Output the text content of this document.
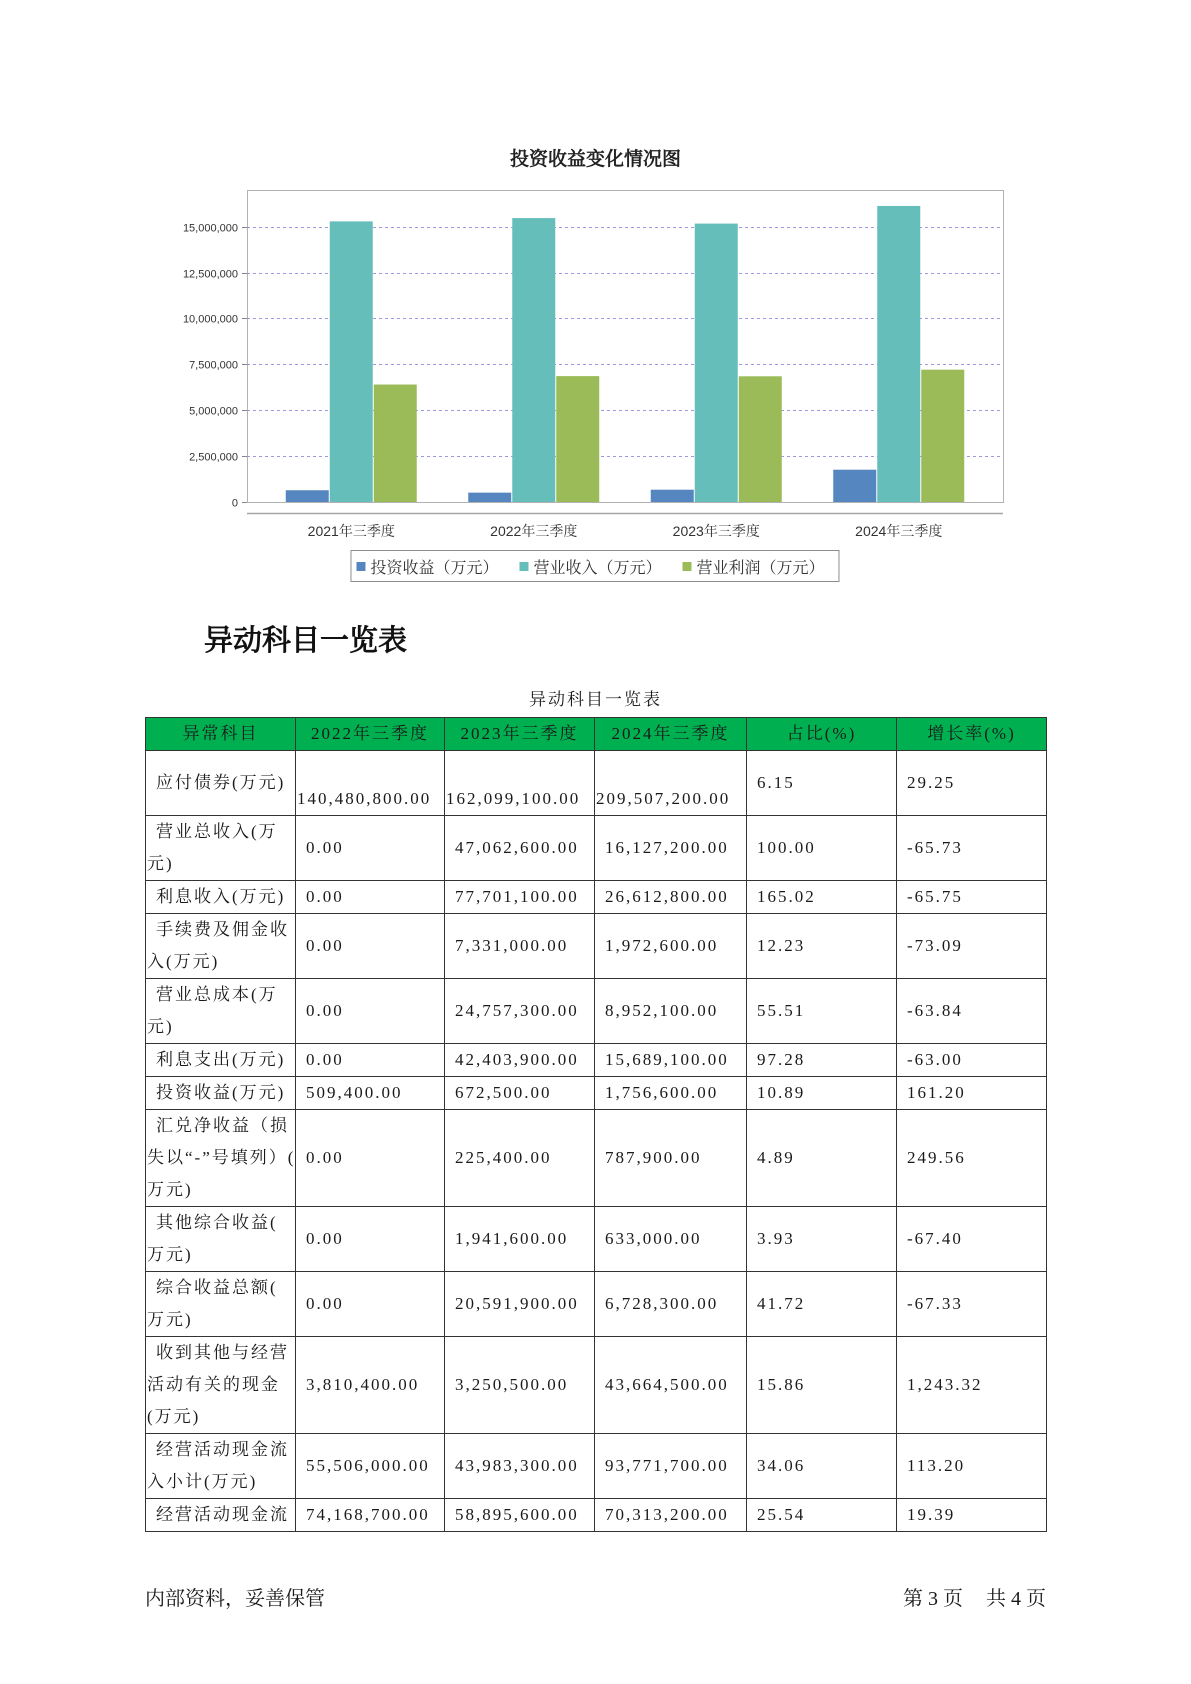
投资收益变化情况图
0
2,500,000
5,000,000
7,500,000
10,000,000
12,500,000
15,000,000
2021年三季度	2022年三季度	2023年三季度	2024年三季度
投资收益（万元） 营业收入（万元） 营业利润（万元）
异动科目一览表
异动科目一览表
异常科目	2022年三季度	2023年三季度	2024年三季度	占比(%)	增长率(%)

应付债券(万元)	140,480,800.00	162,099,100.00	209,507,200.00	6.15	29.25

营业总收入(万
元)	0.00	47,062,600.00	16,127,200.00	100.00	-65.73

利息收入(万元)	0.00	77,701,100.00	26,612,800.00	165.02	-65.75

手续费及佣金收
入(万元)	0.00	7,331,000.00	1,972,600.00	12.23	-73.09

营业总成本(万
元)	0.00	24,757,300.00	8,952,100.00	55.51	-63.84

利息支出(万元)	0.00	42,403,900.00	15,689,100.00	97.28	-63.00

投资收益(万元)	509,400.00	672,500.00	1,756,600.00	10.89	161.20

汇兑净收益（损
失以“-”号填列）(
万元)	0.00	225,400.00	787,900.00	4.89	249.56

其他综合收益(
万元)	0.00	1,941,600.00	633,000.00	3.93	-67.40

综合收益总额(
万元)	0.00	20,591,900.00	6,728,300.00	41.72	-67.33

收到其他与经营
活动有关的现金
(万元)	3,810,400.00	3,250,500.00	43,664,500.00	15.86	1,243.32

经营活动现金流
入小计(万元)	55,506,000.00	43,983,300.00	93,771,700.00	34.06	113.20

经营活动现金流	74,168,700.00	58,895,600.00	70,313,200.00	25.54	19.39
内部资料，妥善保管	第 3 页 共 4 页
